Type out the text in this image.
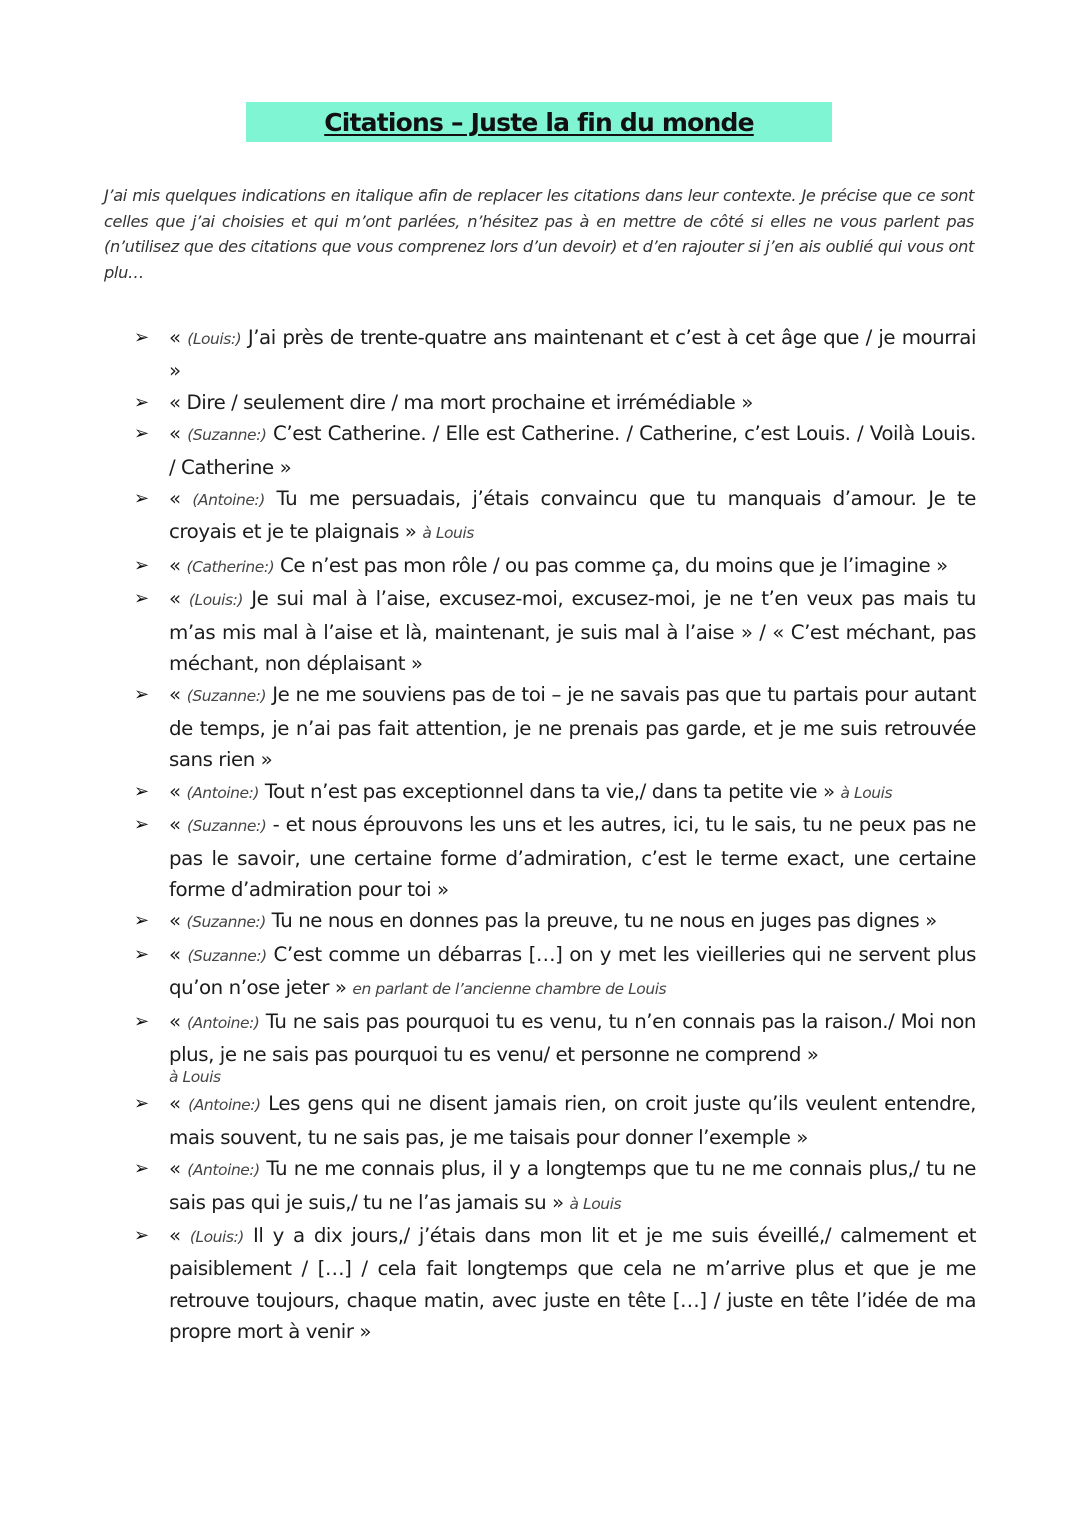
Citations – Juste la fin du monde

J’ai mis quelques indications en italique afin de replacer les citations dans leur contexte. Je précise que ce sont celles que j’ai choisies et qui m’ont parlées, n’hésitez pas à en mettre de côté si elles ne vous parlent pas (n’utilisez que des citations que vous comprenez lors d’un devoir) et d’en rajouter si j’en ais oublié qui vous ont plu…

➢ « (Louis:) J’ai près de trente-quatre ans maintenant et c’est à cet âge que / je mourrai »
➢ « Dire / seulement dire / ma mort prochaine et irrémédiable »
➢ « (Suzanne:) C’est Catherine. / Elle est Catherine. / Catherine, c’est Louis. / Voilà Louis. / Catherine »
➢ « (Antoine:) Tu me persuadais, j’étais convaincu que tu manquais d’amour. Je te croyais et je te plaignais » à Louis
➢ « (Catherine:) Ce n’est pas mon rôle / ou pas comme ça, du moins que je l’imagine »
➢ « (Louis:) Je sui mal à l’aise, excusez-moi, excusez-moi, je ne t’en veux pas mais tu m’as mis mal à l’aise et là, maintenant, je suis mal à l’aise » / « C’est méchant, pas méchant, non déplaisant »
➢ « (Suzanne:) Je ne me souviens pas de toi – je ne savais pas que tu partais pour autant de temps, je n’ai pas fait attention, je ne prenais pas garde, et je me suis retrouvée sans rien »
➢ « (Antoine:) Tout n’est pas exceptionnel dans ta vie,/ dans ta petite vie » à Louis
➢ « (Suzanne:) - et nous éprouvons les uns et les autres, ici, tu le sais, tu ne peux pas ne pas le savoir, une certaine forme d’admiration, c’est le terme exact, une certaine forme d’admiration pour toi »
➢ « (Suzanne:) Tu ne nous en donnes pas la preuve, tu ne nous en juges pas dignes »
➢ « (Suzanne:) C’est comme un débarras […] on y met les vieilleries qui ne servent plus qu’on n’ose jeter » en parlant de l’ancienne chambre de Louis
➢ « (Antoine:) Tu ne sais pas pourquoi tu es venu, tu n’en connais pas la raison./ Moi non plus, je ne sais pas pourquoi tu es venu/ et personne ne comprend »
à Louis
➢ « (Antoine:) Les gens qui ne disent jamais rien, on croit juste qu’ils veulent entendre, mais souvent, tu ne sais pas, je me taisais pour donner l’exemple »
➢ « (Antoine:) Tu ne me connais plus, il y a longtemps que tu ne me connais plus,/ tu ne sais pas qui je suis,/ tu ne l’as jamais su » à Louis
➢ « (Louis:) Il y a dix jours,/ j’étais dans mon lit et je me suis éveillé,/ calmement et paisiblement / […] / cela fait longtemps que cela ne m’arrive plus et que je me retrouve toujours, chaque matin, avec juste en tête […] / juste en tête l’idée de ma propre mort à venir »
